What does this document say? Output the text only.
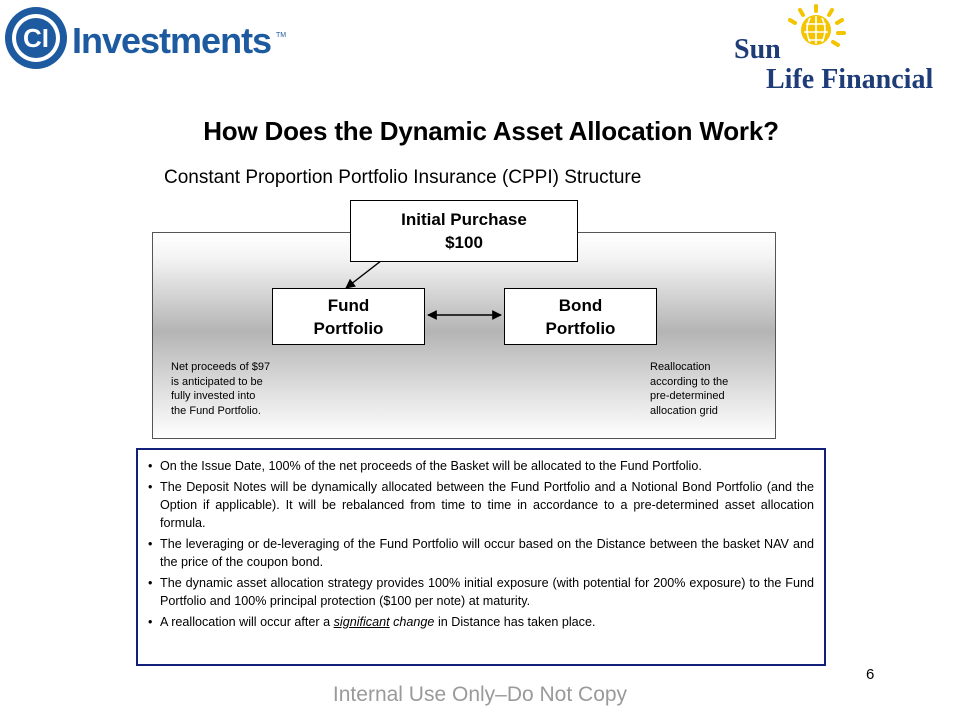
CI Investments TM	Sun
Life Financial
How Does the Dynamic Asset Allocation Work?
Constant Proportion Portfolio Insurance (CPPI) Structure
Initial Purchase
$100
Fund
Portfolio
Bond
Portfolio
Net proceeds of $97
is anticipated to be
fully invested into
the Fund Portfolio.
Reallocation
according to the
pre-determined
allocation grid
• On the Issue Date, 100% of the net proceeds of the Basket will be allocated to the Fund Portfolio.
• The Deposit Notes will be dynamically allocated between the Fund Portfolio and a Notional Bond Portfolio (and the Option if applicable). It will be rebalanced from time to time in accordance to a pre-determined asset allocation formula.
• The leveraging or de-leveraging of the Fund Portfolio will occur based on the Distance between the basket NAV and the price of the coupon bond.
• The dynamic asset allocation strategy provides 100% initial exposure (with potential for 200% exposure) to the Fund Portfolio and 100% principal protection ($100 per note) at maturity.
• A reallocation will occur after a significant change in Distance has taken place.
6
Internal Use Only–Do Not Copy
